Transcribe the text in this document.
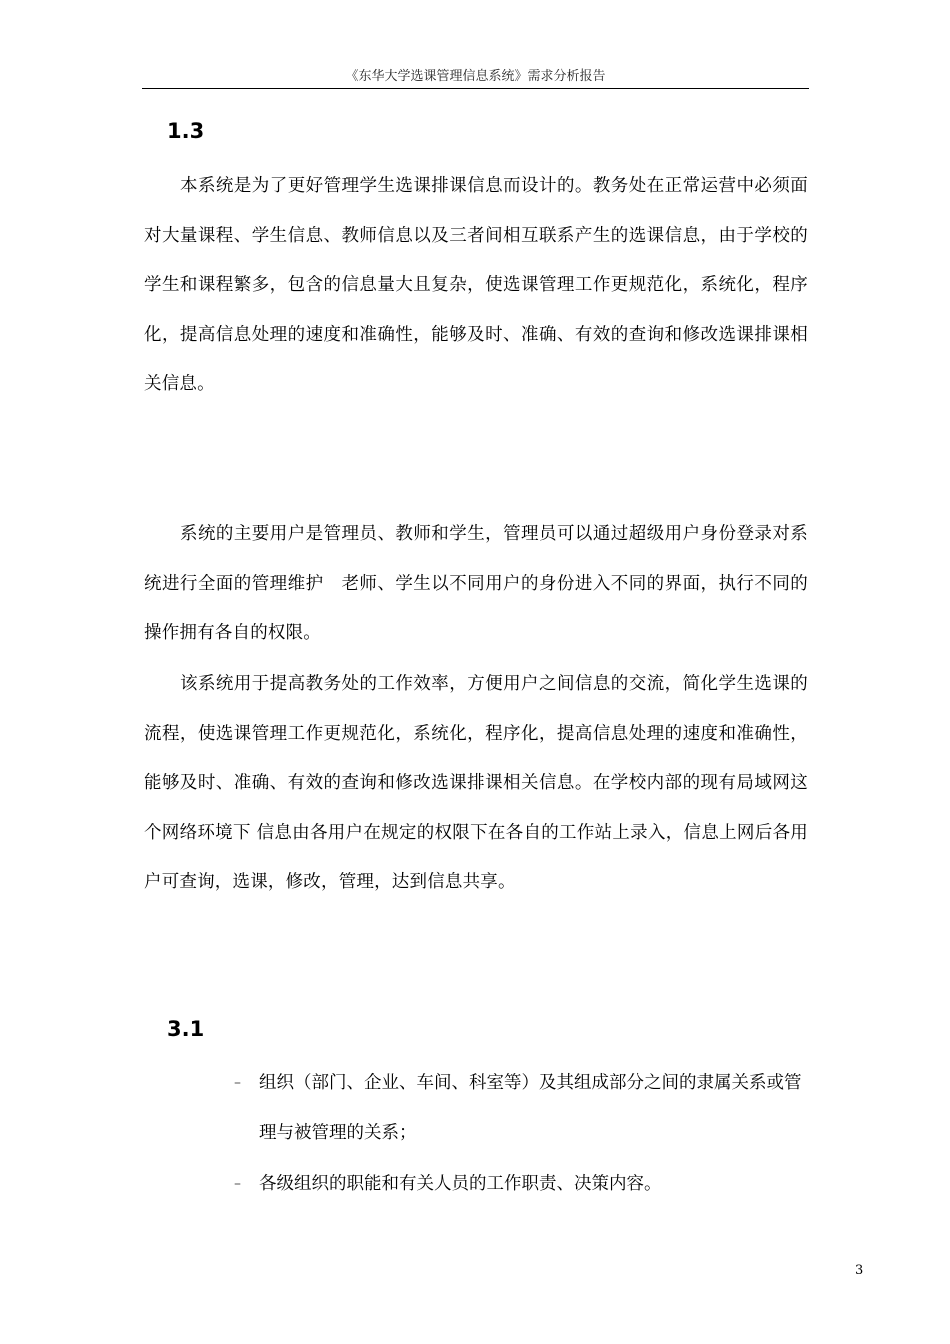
《东华大学选课管理信息系统》需求分析报告
1.3
本系统是为了更好管理学生选课排课信息而设计的。教务处在正常运营中必须面对大量课程、学生信息、教师信息以及三者间相互联系产生的选课信息，由于学校的学生和课程繁多，包含的信息量大且复杂，使选课管理工作更规范化，系统化，程序化，提高信息处理的速度和准确性，能够及时、准确、有效的查询和修改选课排课相关信息。
系统的主要用户是管理员、教师和学生，管理员可以通过超级用户身份登录对系统进行全面的管理维护　老师、学生以不同用户的身份进入不同的界面，执行不同的操作拥有各自的权限。
该系统用于提高教务处的工作效率，方便用户之间信息的交流，简化学生选课的流程，使选课管理工作更规范化，系统化，程序化，提高信息处理的速度和准确性，能够及时、准确、有效的查询和修改选课排课相关信息。在学校内部的现有局域网这个网络环境下 信息由各用户在规定的权限下在各自的工作站上录入，信息上网后各用户可查询，选课，修改，管理，达到信息共享。
3.1
–	组织（部门、企业、车间、科室等）及其组成部分之间的隶属关系或管理与被管理的关系；
–	各级组织的职能和有关人员的工作职责、决策内容。
3
